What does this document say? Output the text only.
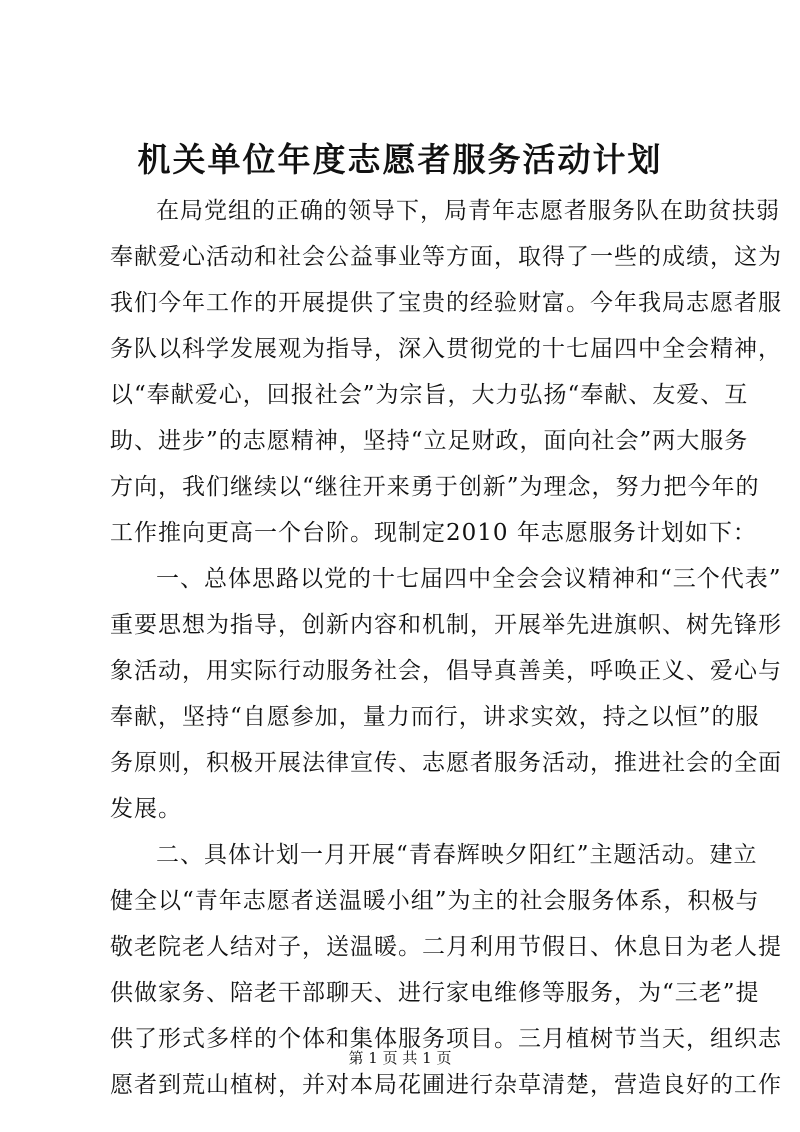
机关单位年度志愿者服务活动计划
在局党组的正确的领导下，局青年志愿者服务队在助贫扶弱
奉献爱心活动和社会公益事业等方面，取得了一些的成绩，这为
我们今年工作的开展提供了宝贵的经验财富。今年我局志愿者服
务队以科学发展观为指导，深入贯彻党的十七届四中全会精神，
以“奉献爱心，回报社会”为宗旨，大力弘扬“奉献、友爱、互
助、进步”的志愿精神，坚持“立足财政，面向社会”两大服务
方向，我们继续以“继往开来勇于创新”为理念，努力把今年的
工作推向更高一个台阶。现制定2010 年志愿服务计划如下：
一、总体思路以党的十七届四中全会会议精神和“三个代表”
重要思想为指导，创新内容和机制，开展举先进旗帜、树先锋形
象活动，用实际行动服务社会，倡导真善美，呼唤正义、爱心与
奉献，坚持“自愿参加，量力而行，讲求实效，持之以恒”的服
务原则，积极开展法律宣传、志愿者服务活动，推进社会的全面
发展。
二、具体计划一月开展“青春辉映夕阳红”主题活动。建立
健全以“青年志愿者送温暖小组”为主的社会服务体系，积极与
敬老院老人结对子，送温暖。二月利用节假日、休息日为老人提
供做家务、陪老干部聊天、进行家电维修等服务，为“三老”提
供了形式多样的个体和集体服务项目。三月植树节当天，组织志
愿者到荒山植树，并对本局花圃进行杂草清楚，营造良好的工作
第 1 页 共 1 页
